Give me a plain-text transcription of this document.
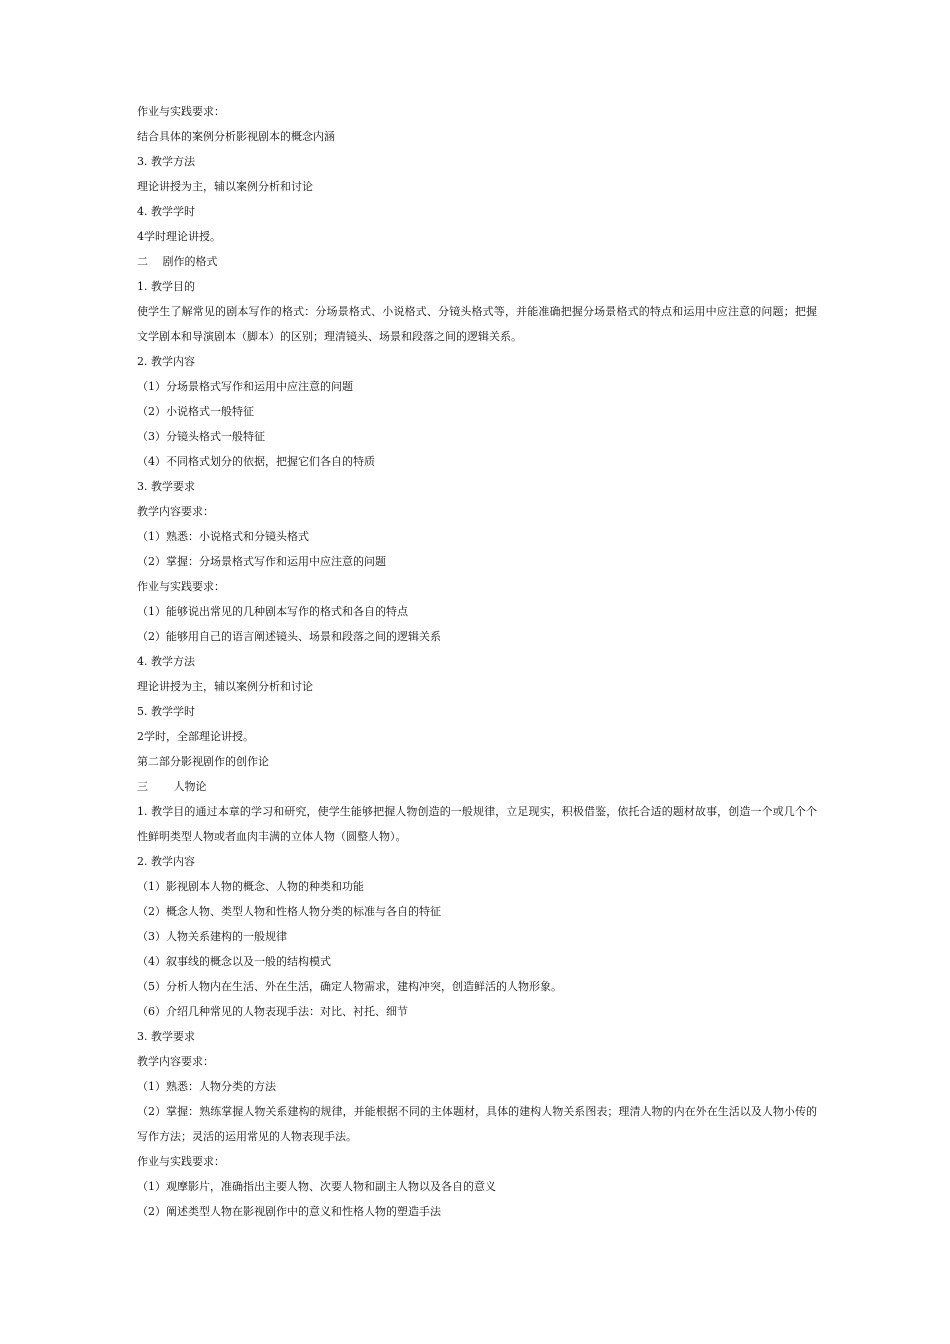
作业与实践要求：
结合具体的案例分析影视剧本的概念内涵
3. 教学方法
理论讲授为主，辅以案例分析和讨论
4. 教学学时
4学时理论讲授。
二　 剧作的格式
1. 教学目的
使学生了解常见的剧本写作的格式：分场景格式、小说格式、分镜头格式等，并能准确把握分场景格式的特点和运用中应注意的问题；把握文学剧本和导演剧本（脚本）的区别；理清镜头、场景和段落之间的逻辑关系。
2. 教学内容
（1）分场景格式写作和运用中应注意的问题
（2）小说格式一般特征
（3）分镜头格式一般特征
（4）不同格式划分的依据，把握它们各自的特质
3. 教学要求
教学内容要求：
（1）熟悉：小说格式和分镜头格式
（2）掌握：分场景格式写作和运用中应注意的问题
作业与实践要求：
（1）能够说出常见的几种剧本写作的格式和各自的特点
（2）能够用自己的语言阐述镜头、场景和段落之间的逻辑关系
4. 教学方法
理论讲授为主，辅以案例分析和讨论
5. 教学学时
2学时，全部理论讲授。
第二部分影视剧作的创作论
三　　 人物论
1. 教学目的通过本章的学习和研究，使学生能够把握人物创造的一般规律，立足现实，积极借鉴，依托合适的题材故事，创造一个或几个个性鲜明类型人物或者血肉丰满的立体人物（圆整人物）。
2. 教学内容
（1）影视剧本人物的概念、人物的种类和功能
（2）概念人物、类型人物和性格人物分类的标准与各自的特征
（3）人物关系建构的一般规律
（4）叙事线的概念以及一般的结构模式
（5）分析人物内在生活、外在生活，确定人物需求，建构冲突，创造鲜活的人物形象。
（6）介绍几种常见的人物表现手法：对比、衬托、细节
3. 教学要求
教学内容要求：
（1）熟悉：人物分类的方法
（2）掌握：熟练掌握人物关系建构的规律，并能根据不同的主体题材，具体的建构人物关系图表；理清人物的内在外在生活以及人物小传的写作方法；灵活的运用常见的人物表现手法。
作业与实践要求：
（1）观摩影片，准确指出主要人物、次要人物和副主人物以及各自的意义
（2）阐述类型人物在影视剧作中的意义和性格人物的塑造手法
